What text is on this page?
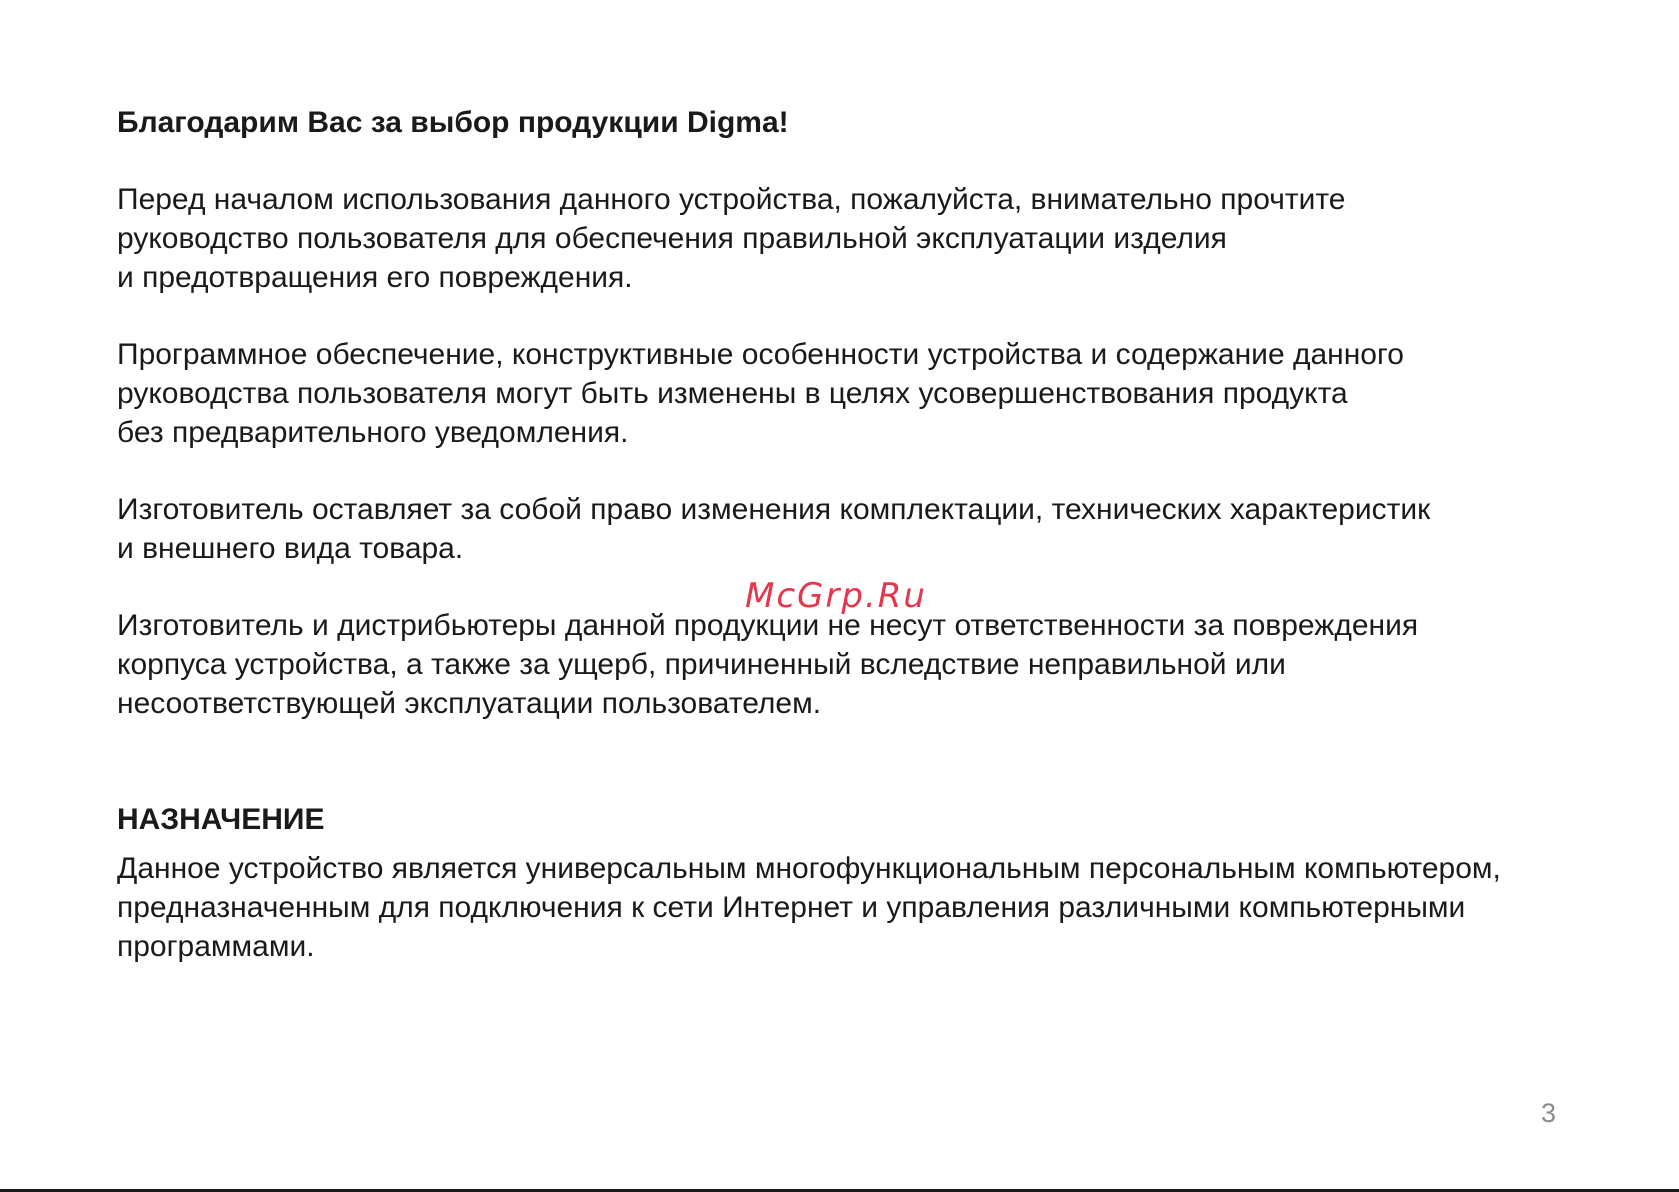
Благодарим Вас за выбор продукции Digma!
Перед началом использования данного устройства, пожалуйста, внимательно прочтите
руководство пользователя для обеспечения правильной эксплуатации изделия
и предотвращения его повреждения.
Программное обеспечение, конструктивные особенности устройства и содержание данного
руководства пользователя могут быть изменены в целях усовершенствования продукта
без предварительного уведомления.
Изготовитель оставляет за собой право изменения комплектации, технических характеристик
и внешнего вида товара.
Изготовитель и дистрибьютеры данной продукции не несут ответственности за повреждения
корпуса устройства, а также за ущерб, причиненный вследствие неправильной или
несоответствующей эксплуатации пользователем.
НАЗНАЧЕНИЕ
Данное устройство является универсальным многофункциональным персональным компьютером,
предназначенным для подключения к сети Интернет и управления различными компьютерными
программами.
McGrp.Ru
3
